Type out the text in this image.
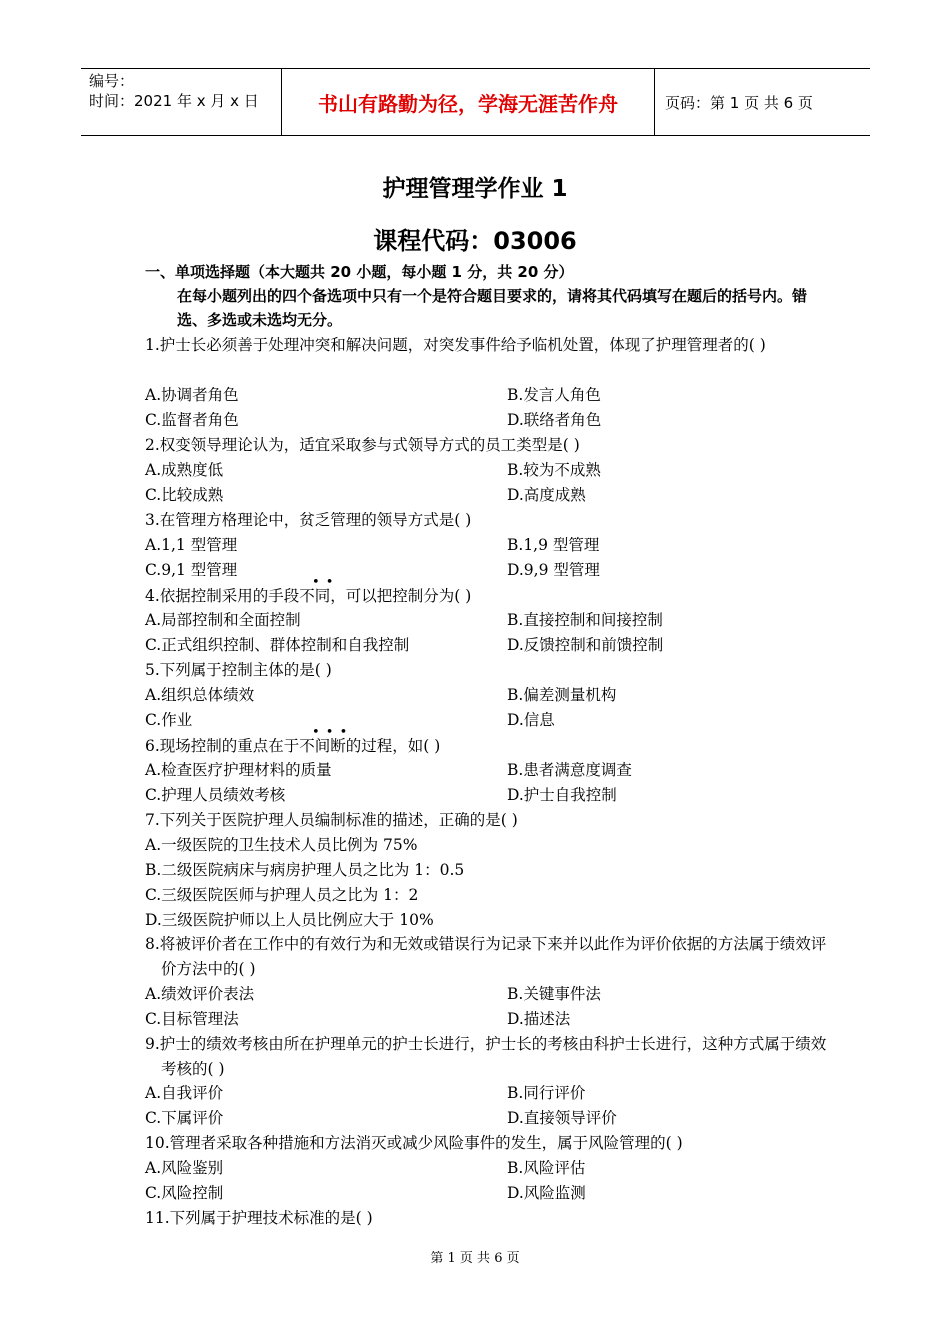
编号：
时间：2021 年 x 月 x 日	书山有路勤为径，学海无涯苦作舟	页码：第 1 页 共 6 页
护理管理学作业 1
课程代码：03006
一、单项选择题（本大题共 20 小题，每小题 1 分，共 20 分）
在每小题列出的四个备选项中只有一个是符合题目要求的，请将其代码填写在题后的括号内。错选、多选或未选均无分。
1.护士长必须善于处理冲突和解决问题，对突发事件给予临机处置，体现了护理管理者的( )
A.协调者角色	B.发言人角色
C.监督者角色	D.联络者角色
2.权变领导理论认为，适宜采取参与式领导方式的员工类型是( )
A.成熟度低	B.较为不成熟
C.比较成熟	D.高度成熟
3.在管理方格理论中，贫乏管理的领导方式是( )
A.1,1 型管理	B.1,9 型管理
C.9,1 型管理	D.9,9 型管理
• •
4.依据控制采用的手段不同，可以把控制分为( )
A.局部控制和全面控制	B.直接控制和间接控制
C.正式组织控制、群体控制和自我控制	D.反馈控制和前馈控制
5.下列属于控制主体的是( )
A.组织总体绩效	B.偏差测量机构
C.作业	D.信息
• • •
6.现场控制的重点在于不间断的过程，如( )
A.检查医疗护理材料的质量	B.患者满意度调查
C.护理人员绩效考核	D.护士自我控制
7.下列关于医院护理人员编制标准的描述，正确的是( )
A.一级医院的卫生技术人员比例为 75%
B.二级医院病床与病房护理人员之比为 1：0.5
C.三级医院医师与护理人员之比为 1：2
D.三级医院护师以上人员比例应大于 10%
8.将被评价者在工作中的有效行为和无效或错误行为记录下来并以此作为评价依据的方法属于绩效评价方法中的( )
A.绩效评价表法	B.关键事件法
C.目标管理法	D.描述法
9.护士的绩效考核由所在护理单元的护士长进行，护士长的考核由科护士长进行，这种方式属于绩效考核的( )
A.自我评价	B.同行评价
C.下属评价	D.直接领导评价
10.管理者采取各种措施和方法消灭或减少风险事件的发生，属于风险管理的( )
A.风险鉴别	B.风险评估
C.风险控制	D.风险监测
11.下列属于护理技术标准的是( )
第 1 页 共 6 页
